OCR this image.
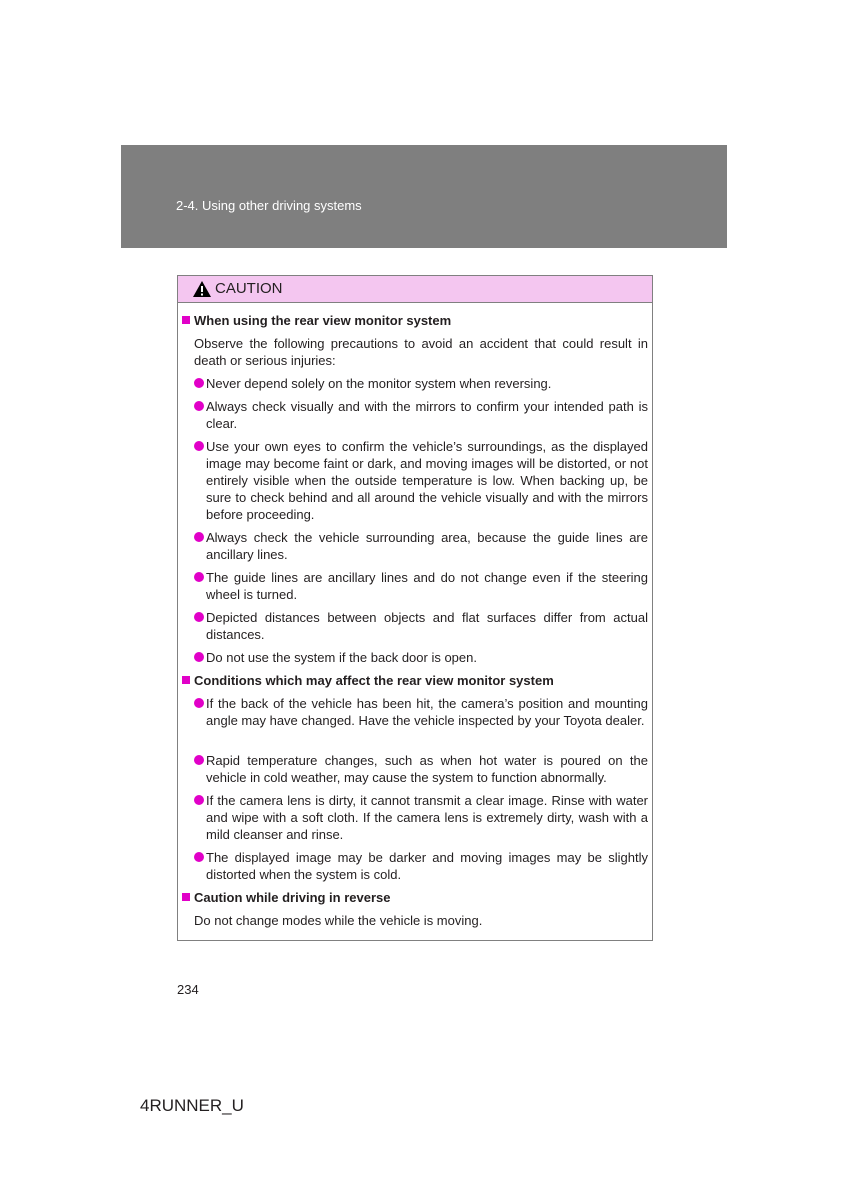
2-4. Using other driving systems
CAUTION
When using the rear view monitor system
Observe the following precautions to avoid an accident that could result in death or serious injuries:
Never depend solely on the monitor system when reversing.
Always check visually and with the mirrors to confirm your intended path is clear.
Use your own eyes to confirm the vehicle’s surroundings, as the displayed image may become faint or dark, and moving images will be distorted, or not entirely visible when the outside temperature is low. When backing up, be sure to check behind and all around the vehicle visually and with the mirrors before proceeding.
Always check the vehicle surrounding area, because the guide lines are ancillary lines.
The guide lines are ancillary lines and do not change even if the steering wheel is turned.
Depicted distances between objects and flat surfaces differ from actual distances.
Do not use the system if the back door is open.
Conditions which may affect the rear view monitor system
If the back of the vehicle has been hit, the camera’s position and mounting angle may have changed. Have the vehicle inspected by your Toyota dealer.
Rapid temperature changes, such as when hot water is poured on the vehicle in cold weather, may cause the system to function abnormally.
If the camera lens is dirty, it cannot transmit a clear image. Rinse with water and wipe with a soft cloth. If the camera lens is extremely dirty, wash with a mild cleanser and rinse.
The displayed image may be darker and moving images may be slightly distorted when the system is cold.
Caution while driving in reverse
Do not change modes while the vehicle is moving.
234
4RUNNER_U
